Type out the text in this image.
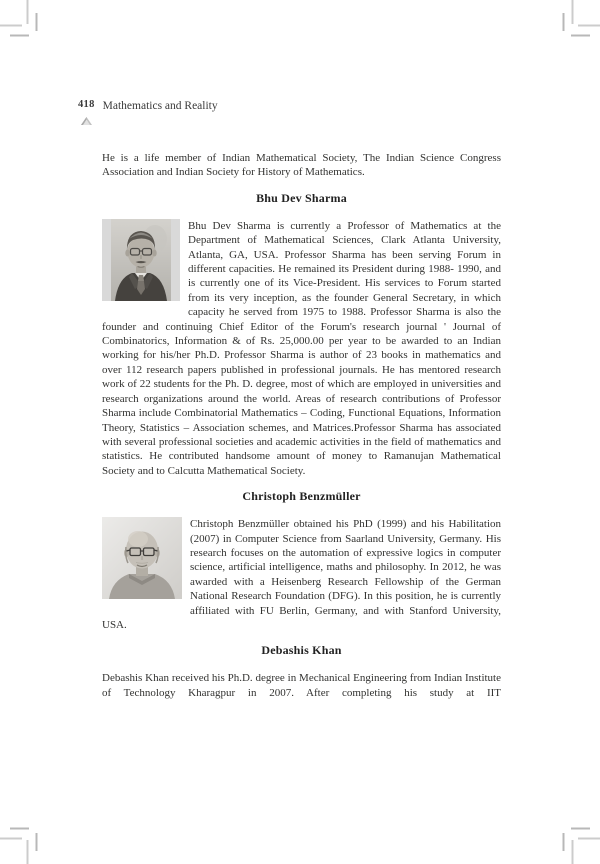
418 Mathematics and Reality

He is a life member of Indian Mathematical Society, The Indian Science Congress Association and Indian Society for History of Mathematics.

Bhu Dev Sharma

Bhu Dev Sharma is currently a Professor of Mathematics at the Department of Mathematical Sciences, Clark Atlanta University, Atlanta, GA, USA. Professor Sharma has been serving Forum in different capacities. He remained its President during 1988- 1990, and is currently one of its Vice-President. His services to Forum started from its very inception, as the founder General Secretary, in which capacity he served from 1975 to 1988. Professor Sharma is also the founder and continuing Chief Editor of the Forum's research journal ' Journal of Combinatorics, Information & of Rs. 25,000.00 per year to be awarded to an Indian working for his/her Ph.D. Professor Sharma is author of 23 books in mathematics and over 112 research papers published in professional journals. He has mentored research work of 22 students for the Ph. D. degree, most of which are employed in universities and research organizations around the world. Areas of research contributions of Professor Sharma include Combinatorial Mathematics – Coding, Functional Equations, Information Theory, Statistics – Association schemes, and Matrices.Professor Sharma has associated with several professional societies and academic activities in the field of mathematics and statistics. He contributed handsome amount of money to Ramanujan Mathematical Society and to Calcutta Mathematical Society.

Christoph Benzmüller

Christoph Benzmüller obtained his PhD (1999) and his Habilitation (2007) in Computer Science from Saarland University, Germany. His research focuses on the automation of expressive logics in computer science, artificial intelligence, maths and philosophy. In 2012, he was awarded with a Heisenberg Research Fellowship of the German National Research Foundation (DFG). In this position, he is currently affiliated with FU Berlin, Germany, and with Stanford University, USA.

Debashis Khan

Debashis Khan received his Ph.D. degree in Mechanical Engineering from Indian Institute of Technology Kharagpur in 2007. After completing his study at IIT
